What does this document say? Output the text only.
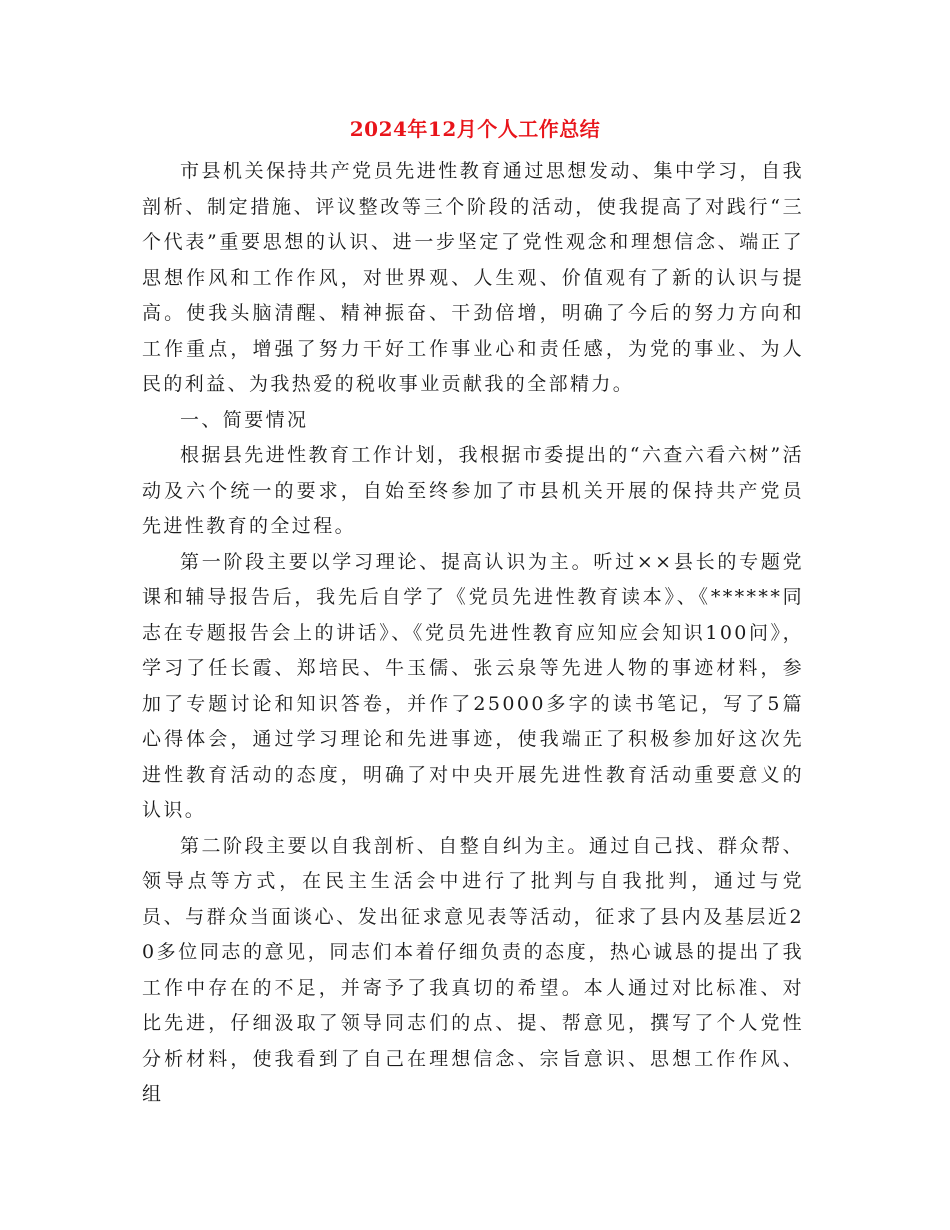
2024年12月个人工作总结

市县机关保持共产党员先进性教育通过思想发动、集中学习，自我剖析、制定措施、评议整改等三个阶段的活动，使我提高了对践行“三个代表”重要思想的认识、进一步坚定了党性观念和理想信念、端正了思想作风和工作作风，对世界观、人生观、价值观有了新的认识与提高。使我头脑清醒、精神振奋、干劲倍增，明确了今后的努力方向和工作重点，增强了努力干好工作事业心和责任感，为党的事业、为人民的利益、为我热爱的税收事业贡献我的全部精力。

一、简要情况

根据县先进性教育工作计划，我根据市委提出的“六查六看六树”活动及六个统一的要求，自始至终参加了市县机关开展的保持共产党员先进性教育的全过程。

第一阶段主要以学习理论、提高认识为主。听过××县长的专题党课和辅导报告后，我先后自学了《党员先进性教育读本》、《******同志在专题报告会上的讲话》、《党员先进性教育应知应会知识100问》，学习了任长霞、郑培民、牛玉儒、张云泉等先进人物的事迹材料，参加了专题讨论和知识答卷，并作了25000多字的读书笔记，写了5篇心得体会，通过学习理论和先进事迹，使我端正了积极参加好这次先进性教育活动的态度，明确了对中央开展先进性教育活动重要意义的认识。

第二阶段主要以自我剖析、自整自纠为主。通过自己找、群众帮、领导点等方式，在民主生活会中进行了批判与自我批判，通过与党员、与群众当面谈心、发出征求意见表等活动，征求了县内及基层近20多位同志的意见，同志们本着仔细负责的态度，热心诚恳的提出了我工作中存在的不足，并寄予了我真切的希望。本人通过对比标准、对比先进，仔细汲取了领导同志们的点、提、帮意见，撰写了个人党性分析材料，使我看到了自己在理想信念、宗旨意识、思想工作作风、组
